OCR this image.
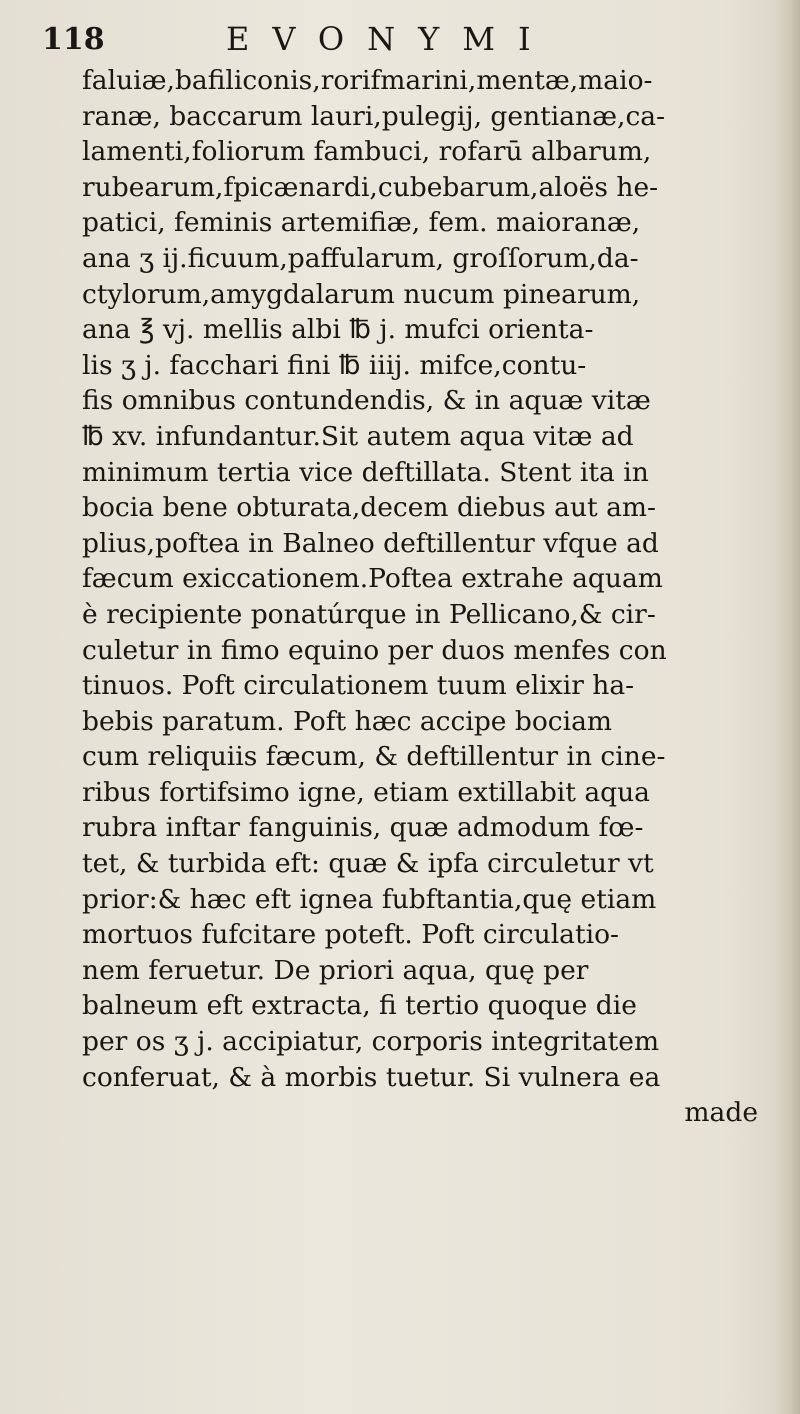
118	EVONYMI
faluiæ,bafiliconis,rorifmarini,mentæ,maio-
ranæ, baccarum lauri,pulegij, gentianæ,ca-
lamenti,foliorum fambuci, rofarū albarum,
rubearum,fpicænardi,cubebarum,aloës he-
patici, feminis artemifiæ, fem. maioranæ,
ana ʒ ij.ficuum,paffularum, groſſorum,da-
ctylorum,amygdalarum nucum pinearum,
ana ℥ vj. mellis albi ℔ j. mufci orienta-
lis ʒ j. facchari fini ℔ iiij. mifce,contu-
fis omnibus contundendis, & in aquæ vitæ
℔ xv. infundantur.Sit autem aqua vitæ ad
minimum tertia vice deftillata. Stent ita in
bocia bene obturata,decem diebus aut am-
plius,poftea in Balneo deftillentur vfque ad
fæcum exiccationem.Poftea extrahe aquam
è recipiente ponatúrque in Pellicano,& cir-
culetur in fimo equino per duos menfes con
tinuos. Poft circulationem tuum elixir ha-
bebis paratum. Poft hæc accipe bociam
cum reliquiis fæcum, & deftillentur in cine-
ribus fortifsimo igne, etiam extillabit aqua
rubra inftar fanguinis, quæ admodum fœ-
tet, & turbida eft: quæ & ipfa circuletur vt
prior:& hæc eft ignea fubftantia,quę etiam
mortuos fufcitare poteft. Poft circulatio-
nem feruetur. De priori aqua, quę per
balneum eft extracta, fi tertio quoque die
per os ʒ j. accipiatur, corporis integritatem
conferuat, & à morbis tuetur. Si vulnera ea
made
